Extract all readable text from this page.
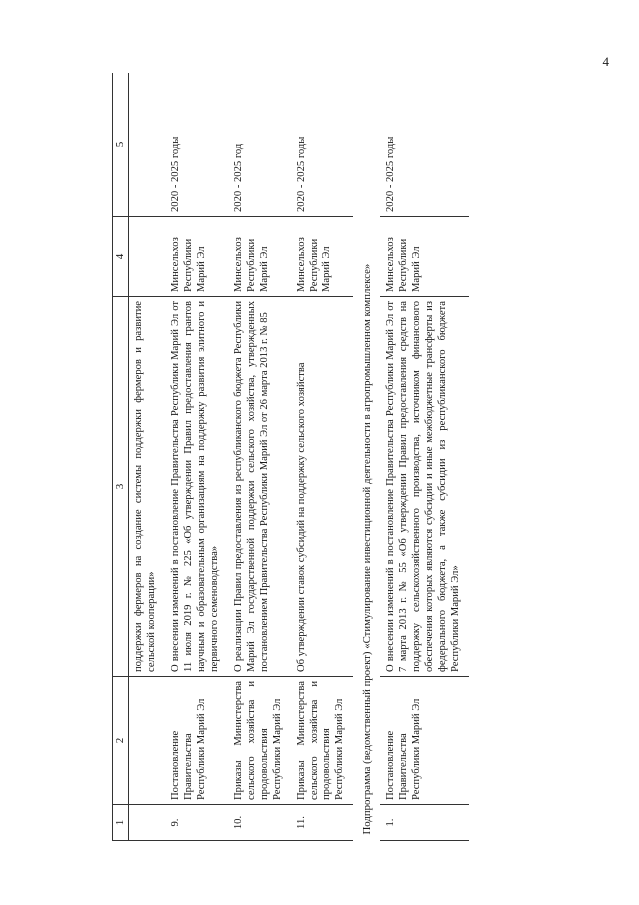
4
1	2	3	4	5
		поддержки фермеров на создание системы поддержки фермеров и развитие сельской кооперации»		
9.	Постановление Правительства Республики Марий Эл	О внесении изменений в постановление Правительства Республики Марий Эл от 11 июля 2019 г. № 225 «Об утверждении Правил предоставления грантов научным и образовательным организациям на поддержку развития элитного и первичного семеноводства»	Минсельхоз Республики Марий Эл	2020 - 2025 годы
10.	Приказы Министерства сельского хозяйства и продовольствия Республики Марий Эл	О реализации Правил предоставления из республиканского бюджета Республики Марий Эл государственной поддержки сельского хозяйства, утвержденных постановлением Правительства Республики Марий Эл от 26 марта 2013 г. № 85	Минсельхоз Республики Марий Эл	2020 - 2025 год
11.	Приказы Министерства сельского хозяйства и продовольствия Республики Марий Эл	Об утверждении ставок субсидий на поддержку сельского хозяйства	Минсельхоз Республики Марий Эл	2020 - 2025 годы
Подпрограмма (ведомственный проект) «Стимулирование инвестиционной деятельности в агропромышленном комплексе»				
1.	Постановление Правительства Республики Марий Эл	О внесении изменений в постановление Правительства Республики Марий Эл от 7 марта 2013 г. № 55 «Об утверждении Правил предоставления средств на поддержку сельскохозяйственного производства, источником финансового обеспечения которых являются субсидии и иные межбюджетные трансферты из федерального бюджета, а также субсидии из республиканского бюджета Республики Марий Эл»	Минсельхоз Республики Марий Эл	2020 - 2025 годы
